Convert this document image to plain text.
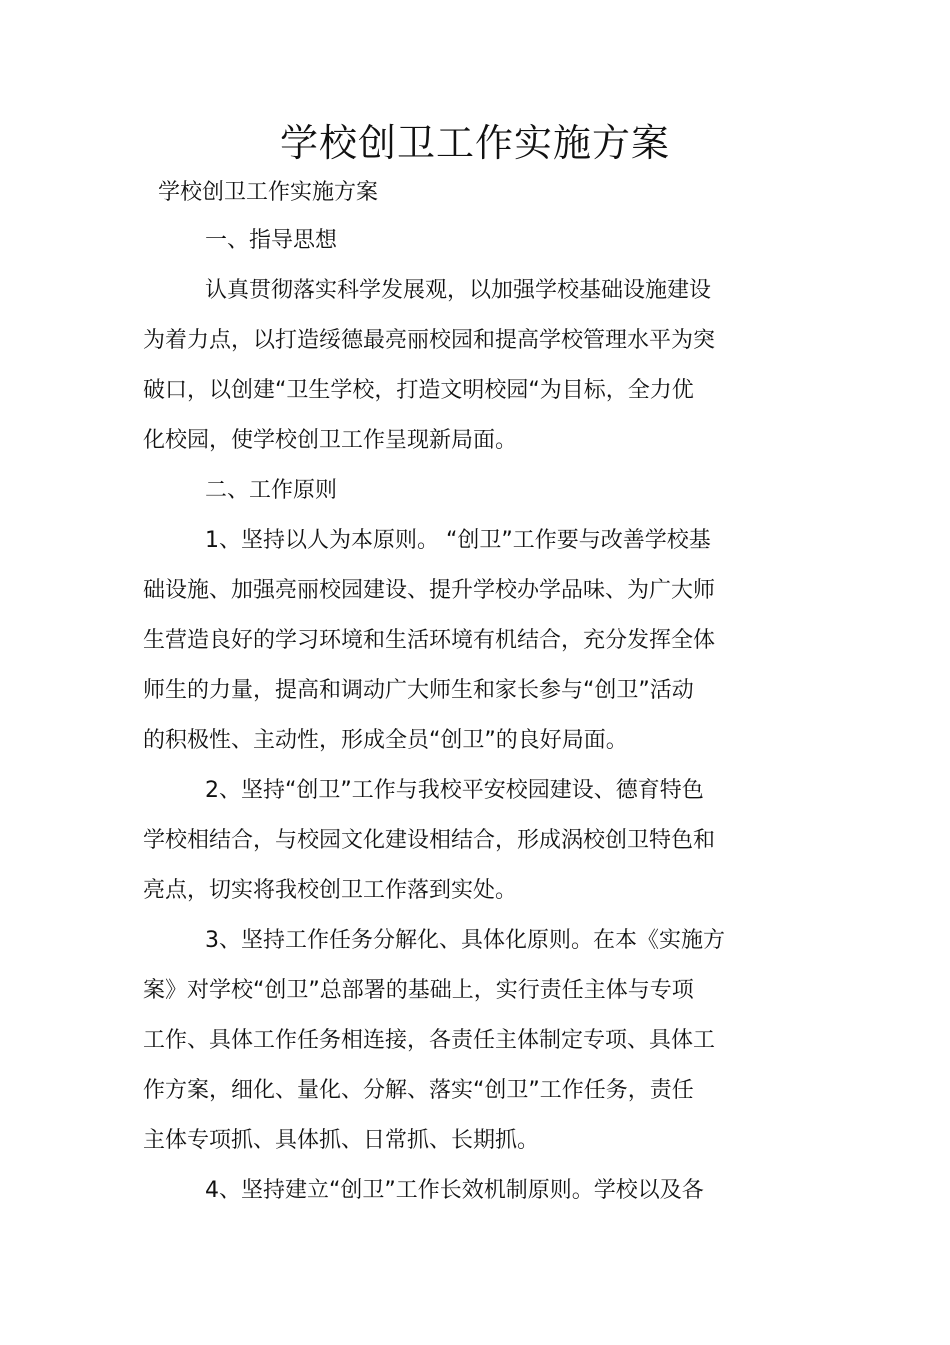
学校创卫工作实施方案

学校创卫工作实施方案

一、指导思想

认真贯彻落实科学发展观，以加强学校基础设施建设

为着力点，以打造绥德最亮丽校园和提高学校管理水平为突

破口，以创建“卫生学校，打造文明校园“为目标，全力优

化校园，使学校创卫工作呈现新局面。

二、工作原则

1、坚持以人为本原则。 “创卫”工作要与改善学校基

础设施、加强亮丽校园建设、提升学校办学品味、为广大师

生营造良好的学习环境和生活环境有机结合，充分发挥全体

师生的力量，提高和调动广大师生和家长参与“创卫”活动

的积极性、主动性，形成全员“创卫”的良好局面。

2、坚持“创卫”工作与我校平安校园建设、德育特色

学校相结合，与校园文化建设相结合，形成涡校创卫特色和

亮点，切实将我校创卫工作落到实处。

3、坚持工作任务分解化、具体化原则。在本《实施方

案》对学校“创卫”总部署的基础上，实行责任主体与专项

工作、具体工作任务相连接，各责任主体制定专项、具体工

作方案，细化、量化、分解、落实“创卫”工作任务，责任

主体专项抓、具体抓、日常抓、长期抓。

4、坚持建立“创卫”工作长效机制原则。学校以及各
